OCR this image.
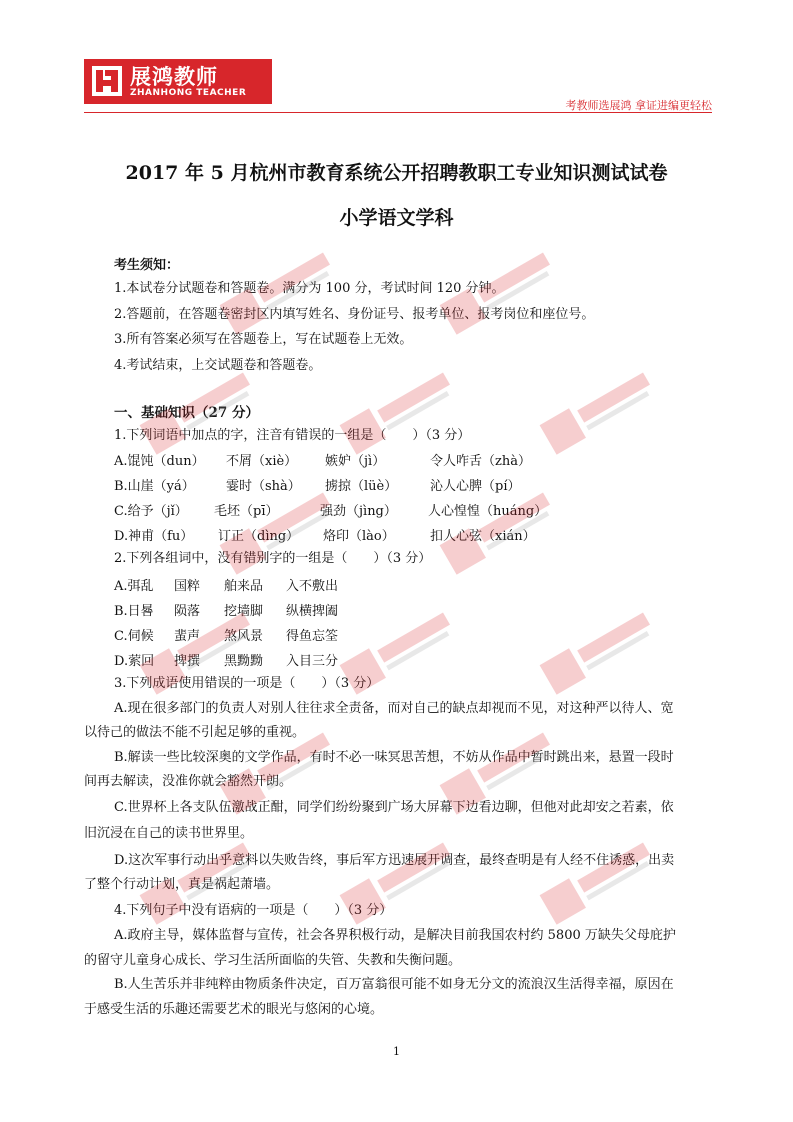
展鸿教师
ZHANHONG TEACHER
考教师选展鸿 拿证进编更轻松
2017 年 5 月杭州市教育系统公开招聘教职工专业知识测试试卷
小学语文学科
考生须知：
1.本试卷分试题卷和答题卷。满分为 100 分，考试时间 120 分钟。
2.答题前，在答题卷密封区内填写姓名、身份证号、报考单位、报考岗位和座位号。
3.所有答案必须写在答题卷上，写在试题卷上无效。
4.考试结束，上交试题卷和答题卷。
一、基础知识（27 分）
1.下列词语中加点的字，注音有错误的一组是（　　）（3 分）
A.馄饨（dun） 不屑（xiè） 嫉妒（jì）	令人咋舌（zhà）
B.山崖（yá） 霎时（shà） 掳掠（lüè）	沁人心脾（pí）
C.给予（jǐ） 毛坯（pī）	强劲（jìng） 人心惶惶（huáng）
D.神甫（fu） 订正（dìng） 烙印（lào）	扣人心弦（xián）
2.下列各组词中，没有错别字的一组是（　　）（3 分）
A.弭乱 国粹 舶来品 入不敷出
B.日晷 陨落 挖墙脚 纵横捭阖
C.伺候 蜚声 煞风景 得鱼忘筌
D.萦回 捭撰 黑黝黝 入目三分
3.下列成语使用错误的一项是（　　）（3 分）
A.现在很多部门的负责人对别人往往求全责备，而对自己的缺点却视而不见，对这种严以待人、宽
以待己的做法不能不引起足够的重视。
B.解读一些比较深奥的文学作品，有时不必一味冥思苦想，不妨从作品中暂时跳出来，悬置一段时
间再去解读，没准你就会豁然开朗。
C.世界杯上各支队伍激战正酣，同学们纷纷聚到广场大屏幕下边看边聊，但他对此却安之若素，依
旧沉浸在自己的读书世界里。
D.这次军事行动出乎意料以失败告终，事后军方迅速展开调查，最终查明是有人经不住诱惑，出卖
了整个行动计划，真是祸起萧墙。
4.下列句子中没有语病的一项是（　　）（3 分）
A.政府主导，媒体监督与宣传，社会各界积极行动，是解决目前我国农村约 5800 万缺失父母庇护
的留守儿童身心成长、学习生活所面临的失管、失教和失衡问题。
B.人生苦乐并非纯粹由物质条件决定，百万富翁很可能不如身无分文的流浪汉生活得幸福，原因在
于感受生活的乐趣还需要艺术的眼光与悠闲的心境。
1
